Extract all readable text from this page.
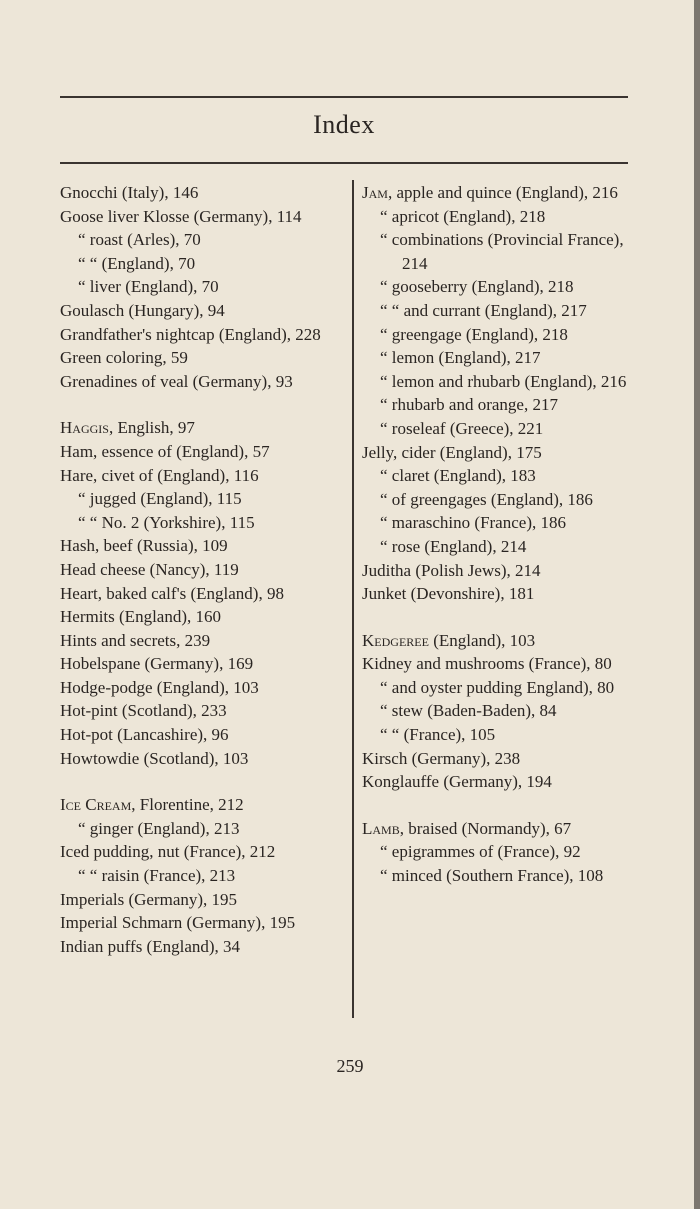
Index
Gnocchi (Italy), 146
Goose liver Klosse (Germany), 114
“ roast (Arles), 70
“ “ (England), 70
“ liver (England), 70
Goulasch (Hungary), 94
Grandfather's nightcap (England), 228
Green coloring, 59
Grenadines of veal (Germany), 93
Haggis, English, 97
Ham, essence of (England), 57
Hare, civet of (England), 116
“ jugged (England), 115
“ “ No. 2 (Yorkshire), 115
Hash, beef (Russia), 109
Head cheese (Nancy), 119
Heart, baked calf's (England), 98
Hermits (England), 160
Hints and secrets, 239
Hobelspane (Germany), 169
Hodge-podge (England), 103
Hot-pint (Scotland), 233
Hot-pot (Lancashire), 96
Howtowdie (Scotland), 103
Ice Cream, Florentine, 212
“ ginger (England), 213
Iced pudding, nut (France), 212
“ “ raisin (France), 213
Imperials (Germany), 195
Imperial Schmarn (Germany), 195
Indian puffs (England), 34
Jam, apple and quince (England), 216
“ apricot (England), 218
“ combinations (Provincial France), 214
“ gooseberry (England), 218
“ “ and currant (England), 217
“ greengage (England), 218
“ lemon (England), 217
“ lemon and rhubarb (England), 216
“ rhubarb and orange, 217
“ roseleaf (Greece), 221
Jelly, cider (England), 175
“ claret (England), 183
“ of greengages (England), 186
“ maraschino (France), 186
“ rose (England), 214
Juditha (Polish Jews), 214
Junket (Devonshire), 181
Kedgeree (England), 103
Kidney and mushrooms (France), 80
“ and oyster pudding England), 80
“ stew (Baden-Baden), 84
“ “ (France), 105
Kirsch (Germany), 238
Konglauffe (Germany), 194
Lamb, braised (Normandy), 67
“ epigrammes of (France), 92
“ minced (Southern France), 108
259
